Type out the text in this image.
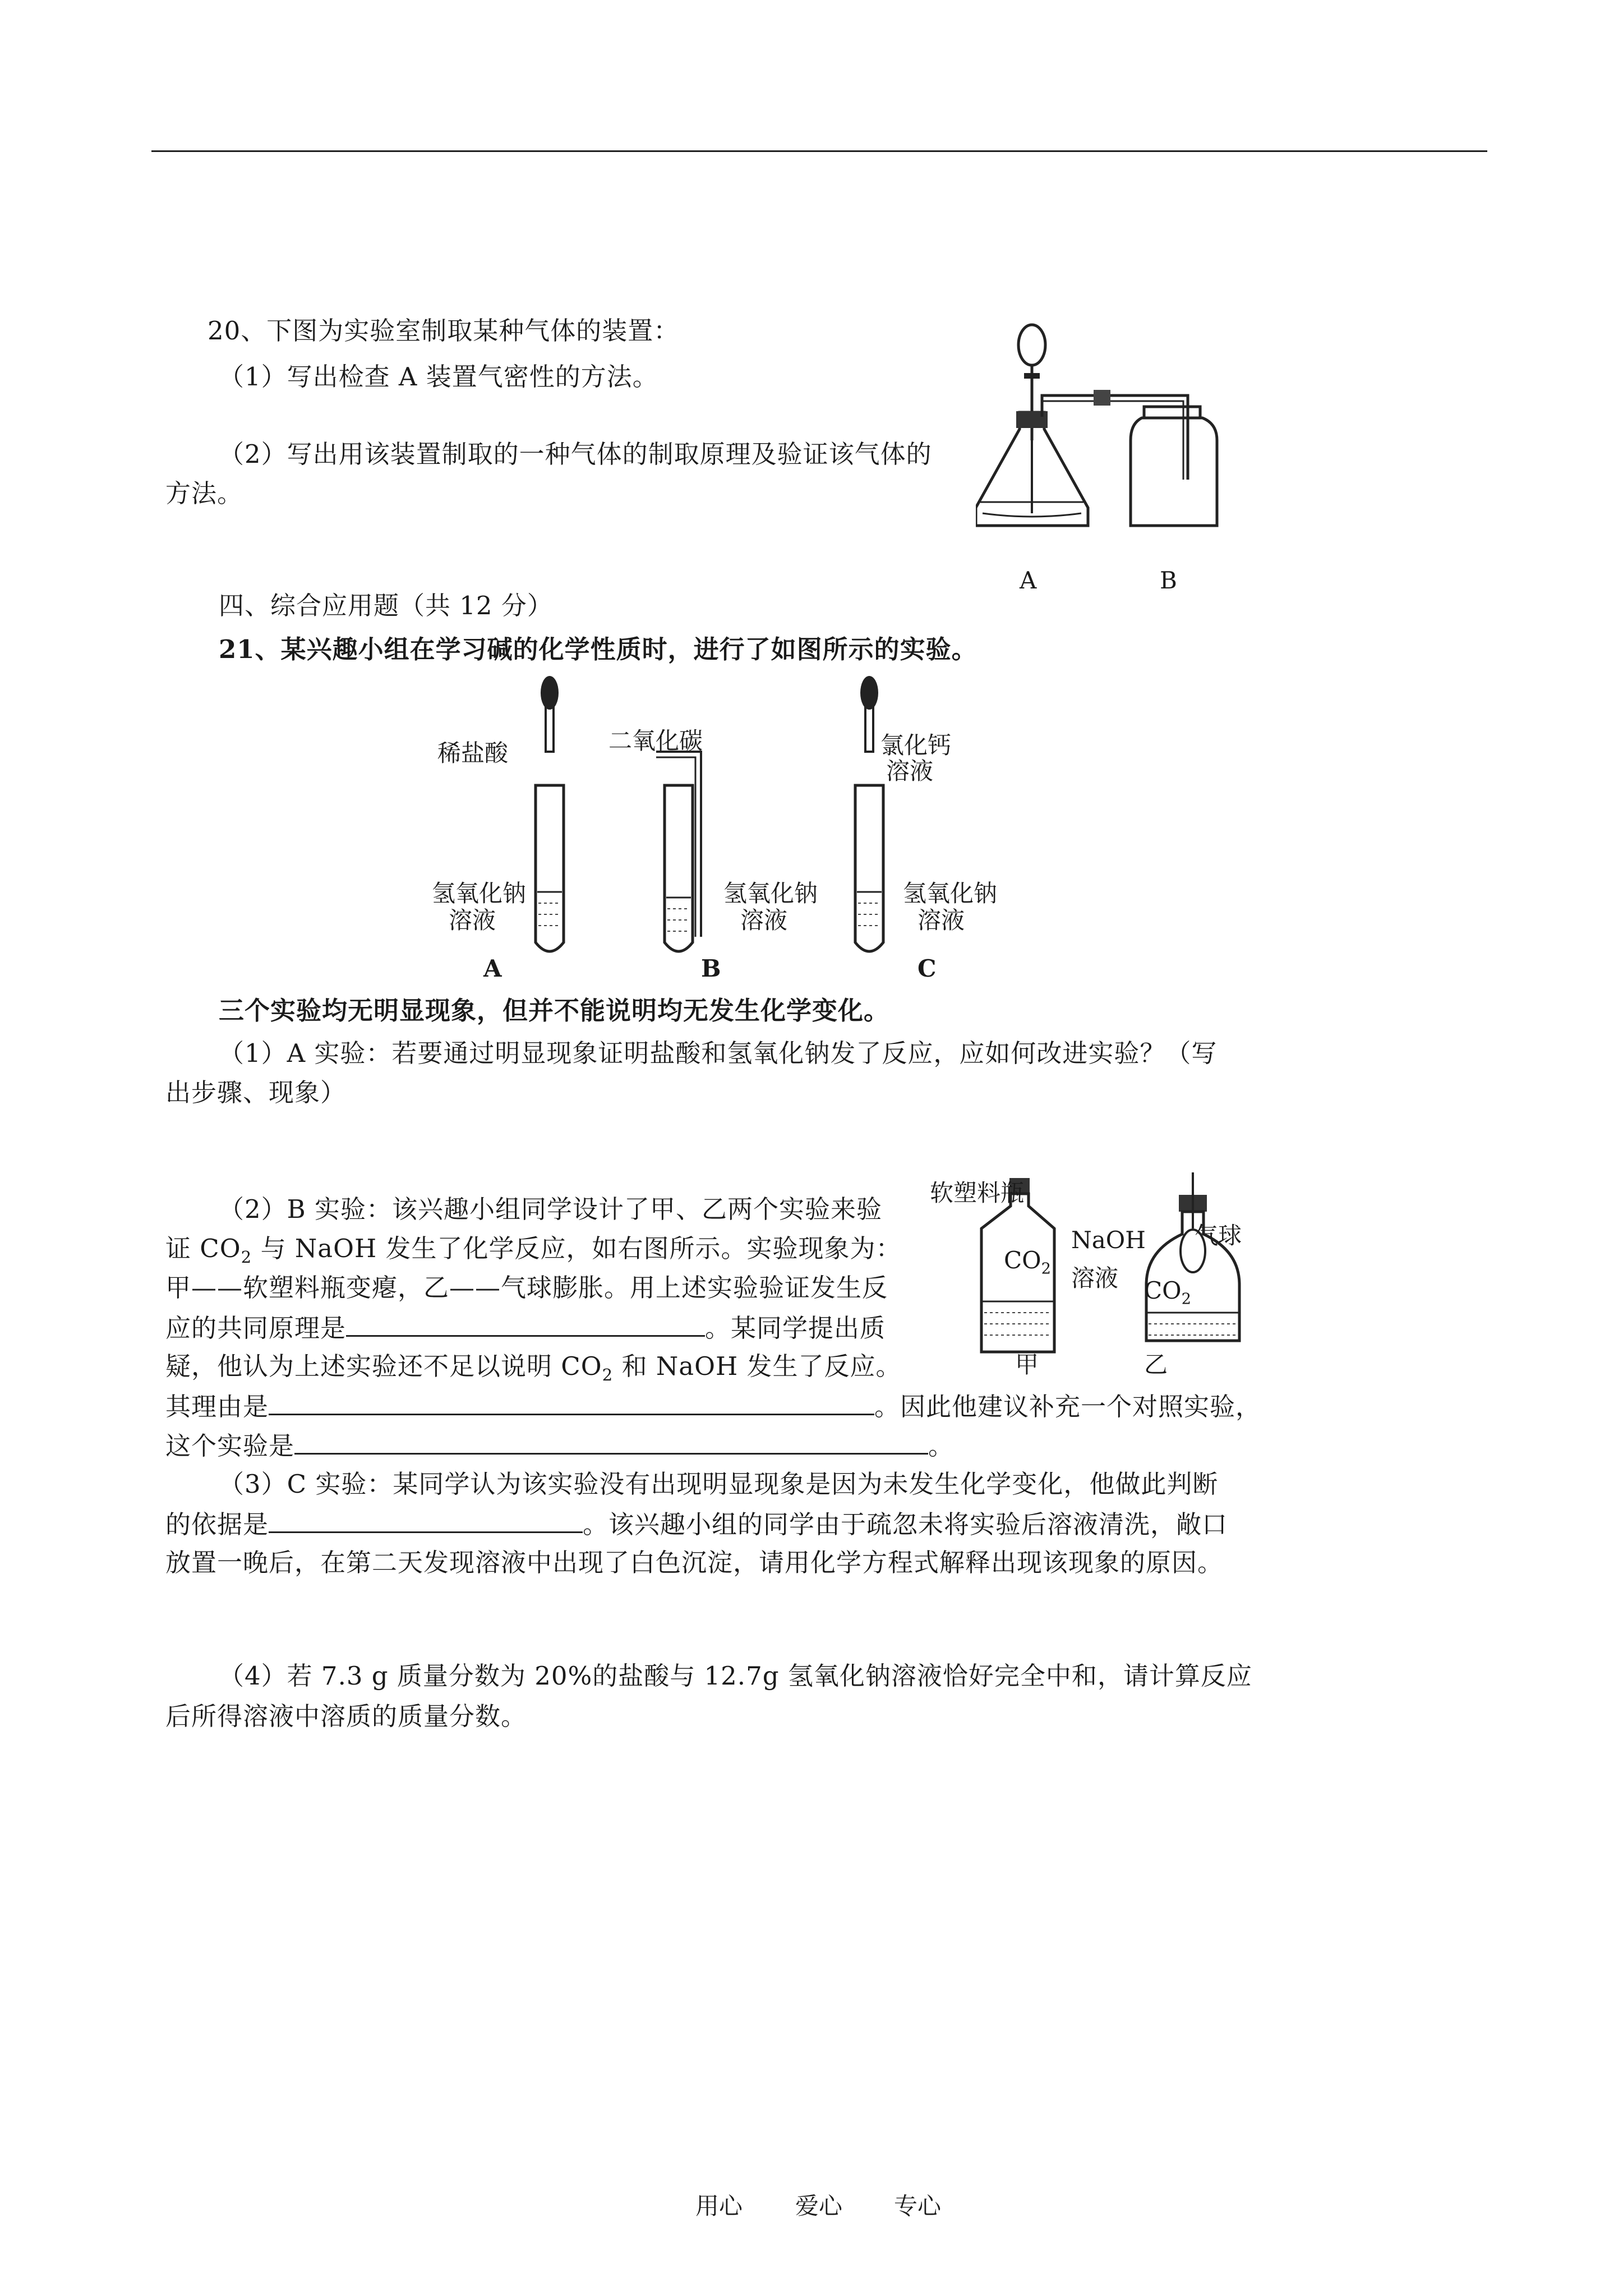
20、下图为实验室制取某种气体的装置：
（1）写出检查 A 装置气密性的方法。
（2）写出用该装置制取的一种气体的制取原理及验证该气体的
方法。
A	B
四、综合应用题（共 12 分）
21、某兴趣小组在学习碱的化学性质时，进行了如图所示的实验。
稀盐酸	二氧化碳	氯化钙
溶液
氢氧化钠
溶液
氢氧化钠
溶液
氢氧化钠
溶液
A	B	C
三个实验均无明显现象，但并不能说明均无发生化学变化。
（1）A 实验：若要通过明显现象证明盐酸和氢氧化钠发了反应，应如何改进实验？（写
出步骤、现象）
（2）B 实验：该兴趣小组同学设计了甲、乙两个实验来验
证 $CO_2$ 与 NaOH 发生了化学反应，如右图所示。实验现象为：
甲——软塑料瓶变瘪，乙——气球膨胀。用上述实验验证发生反
应的共同原理是	。某同学提出质
疑，他认为上述实验还不足以说明 $CO_2$ 和 NaOH 发生了反应。
其理由是	。因此他建议补充一个对照实验，
这个实验是	。
软塑料瓶
$CO_2$
NaOH
溶液 $CO_2$
气球
甲	乙
（3）C 实验：某同学认为该实验没有出现明显现象是因为未发生化学变化，他做此判断
的依据是	。该兴趣小组的同学由于疏忽未将实验后溶液清洗，敞口
放置一晚后，在第二天发现溶液中出现了白色沉淀，请用化学方程式解释出现该现象的原因。
（4）若 7.3 g 质量分数为 20%的盐酸与 12.7g 氢氧化钠溶液恰好完全中和，请计算反应
后所得溶液中溶质的质量分数。
用心 爱心 专心
